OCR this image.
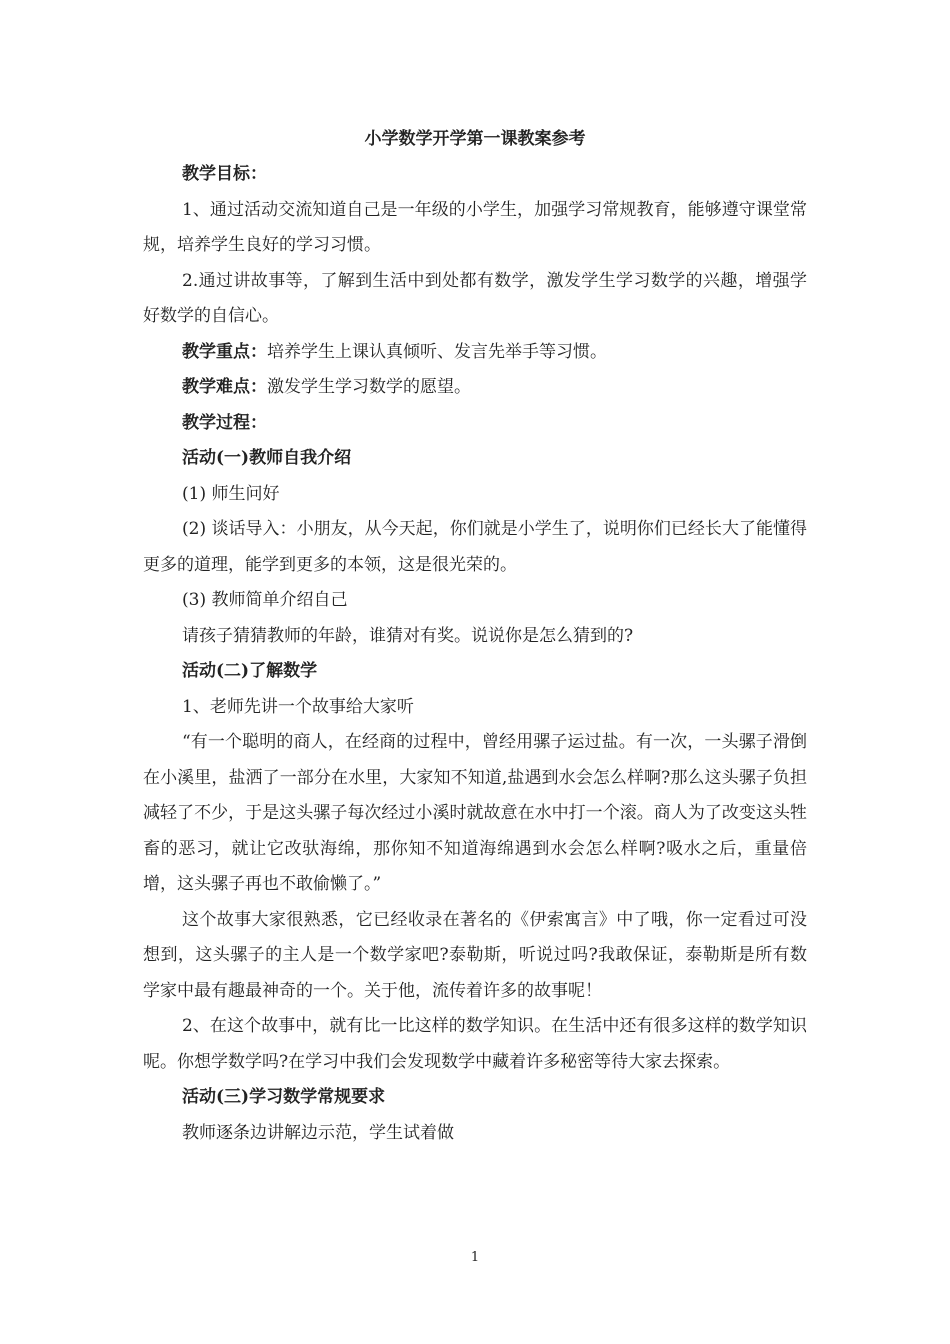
小学数学开学第一课教案参考

教学目标：

1、通过活动交流知道自己是一年级的小学生，加强学习常规教育，能够遵守课堂常规，培养学生良好的学习习惯。

2.通过讲故事等，了解到生活中到处都有数学，激发学生学习数学的兴趣，增强学好数学的自信心。

教学重点：培养学生上课认真倾听、发言先举手等习惯。

教学难点：激发学生学习数学的愿望。

教学过程：

活动(一)教师自我介绍

(1) 师生问好

(2) 谈话导入：小朋友，从今天起，你们就是小学生了，说明你们已经长大了能懂得更多的道理，能学到更多的本领，这是很光荣的。

(3) 教师简单介绍自己

请孩子猜猜教师的年龄，谁猜对有奖。说说你是怎么猜到的?

活动(二)了解数学

1、老师先讲一个故事给大家听

“有一个聪明的商人，在经商的过程中，曾经用骡子运过盐。有一次，一头骡子滑倒在小溪里，盐洒了一部分在水里，大家知不知道,盐遇到水会怎么样啊?那么这头骡子负担减轻了不少，于是这头骡子每次经过小溪时就故意在水中打一个滚。商人为了改变这头牲畜的恶习，就让它改驮海绵，那你知不知道海绵遇到水会怎么样啊?吸水之后，重量倍增，这头骡子再也不敢偷懒了。”

这个故事大家很熟悉，它已经收录在著名的《伊索寓言》中了哦，你一定看过可没想到，这头骡子的主人是一个数学家吧?泰勒斯，听说过吗?我敢保证，泰勒斯是所有数学家中最有趣最神奇的一个。关于他，流传着许多的故事呢！

2、在这个故事中，就有比一比这样的数学知识。在生活中还有很多这样的数学知识呢。你想学数学吗?在学习中我们会发现数学中藏着许多秘密等待大家去探索。

活动(三)学习数学常规要求

教师逐条边讲解边示范，学生试着做

1
